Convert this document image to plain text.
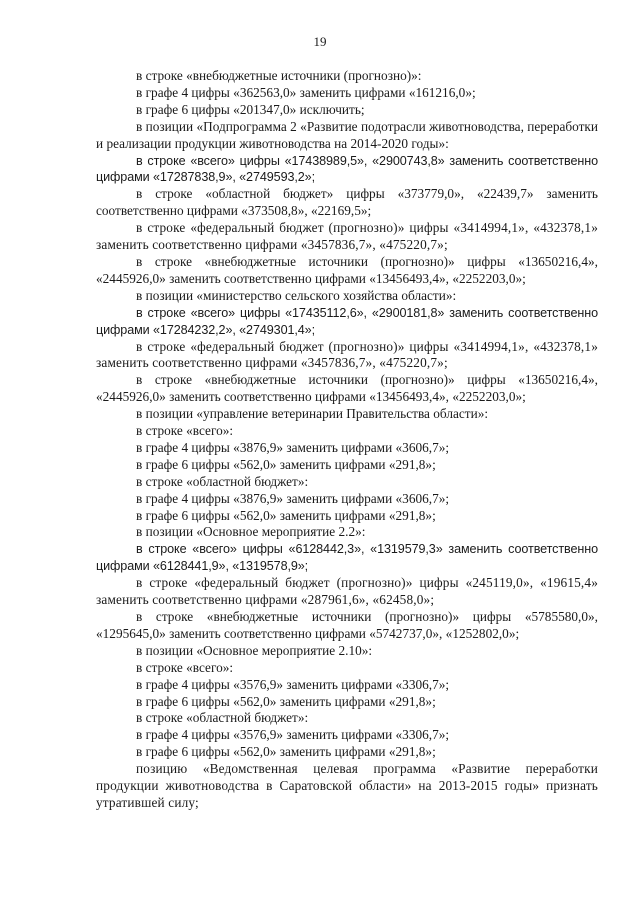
19

в строке «внебюджетные источники (прогнозно)»:

в графе 4 цифры «362563,0» заменить цифрами «161216,0»;

в графе 6 цифры «201347,0» исключить;

в позиции «Подпрограмма 2 «Развитие подотрасли животноводства, переработки и реализации продукции животноводства на 2014-2020 годы»:

в строке «всего» цифры «17438989,5», «2900743,8» заменить соответственно цифрами «17287838,9», «2749593,2»;

в строке «областной бюджет» цифры «373779,0», «22439,7» заменить соответственно цифрами «373508,8», «22169,5»;

в строке «федеральный бюджет (прогнозно)» цифры «3414994,1», «432378,1» заменить соответственно цифрами «3457836,7», «475220,7»;

в строке «внебюджетные источники (прогнозно)» цифры «13650216,4», «2445926,0» заменить соответственно цифрами «13456493,4», «2252203,0»;

в позиции «министерство сельского хозяйства области»:

в строке «всего» цифры «17435112,6», «2900181,8» заменить соответственно цифрами «17284232,2», «2749301,4»;

в строке «федеральный бюджет (прогнозно)» цифры «3414994,1», «432378,1» заменить соответственно цифрами «3457836,7», «475220,7»;

в строке «внебюджетные источники (прогнозно)» цифры «13650216,4», «2445926,0» заменить соответственно цифрами «13456493,4», «2252203,0»;

в позиции «управление ветеринарии Правительства области»:

в строке «всего»:

в графе 4 цифры «3876,9» заменить цифрами «3606,7»;

в графе 6 цифры «562,0» заменить цифрами «291,8»;

в строке «областной бюджет»:

в графе 4 цифры «3876,9» заменить цифрами «3606,7»;

в графе 6 цифры «562,0» заменить цифрами «291,8»;

в позиции «Основное мероприятие 2.2»:

в строке «всего» цифры «6128442,3», «1319579,3» заменить соответственно цифрами «6128441,9», «1319578,9»;

в строке «федеральный бюджет (прогнозно)» цифры «245119,0», «19615,4» заменить соответственно цифрами «287961,6», «62458,0»;

в строке «внебюджетные источники (прогнозно)» цифры «5785580,0», «1295645,0» заменить соответственно цифрами «5742737,0», «1252802,0»;

в позиции «Основное мероприятие 2.10»:

в строке «всего»:

в графе 4 цифры «3576,9» заменить цифрами «3306,7»;

в графе 6 цифры «562,0» заменить цифрами «291,8»;

в строке «областной бюджет»:

в графе 4 цифры «3576,9» заменить цифрами «3306,7»;

в графе 6 цифры «562,0» заменить цифрами «291,8»;

позицию «Ведомственная целевая программа «Развитие переработки продукции животноводства в Саратовской области» на 2013-2015 годы» признать утратившей силу;
